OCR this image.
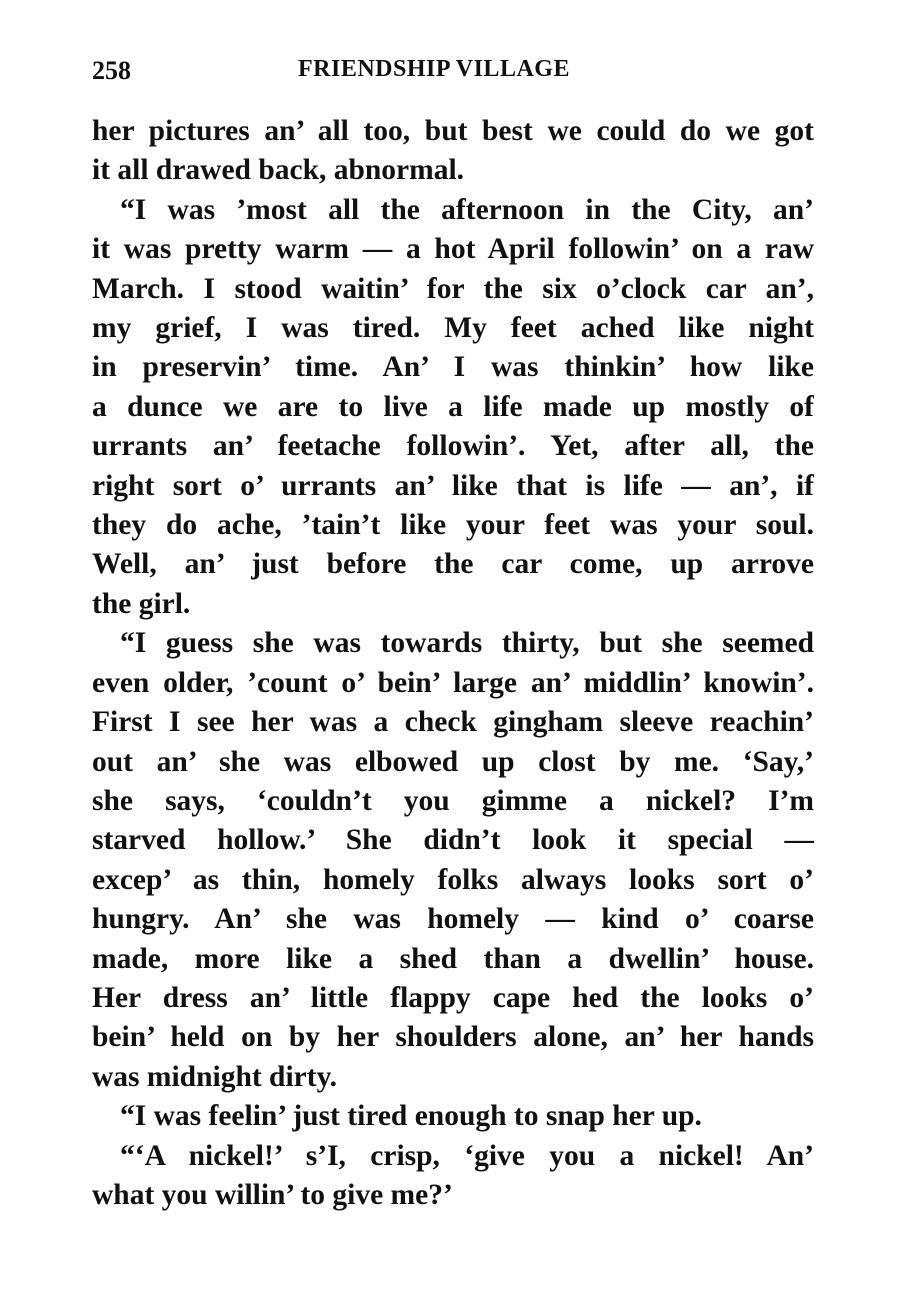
258	FRIENDSHIP VILLAGE
her pictures an’ all too, but best we could do we got
it all drawed back, abnormal.
“I was ’most all the afternoon in the City, an’
it was pretty warm — a hot April followin’ on a raw
March. I stood waitin’ for the six o’clock car an’,
my grief, I was tired. My feet ached like night
in preservin’ time. An’ I was thinkin’ how like
a dunce we are to live a life made up mostly of
urrants an’ feetache followin’. Yet, after all, the
right sort o’ urrants an’ like that is life — an’, if
they do ache, ’tain’t like your feet was your soul.
Well, an’ just before the car come, up arrove
the girl.
“I guess she was towards thirty, but she seemed
even older, ’count o’ bein’ large an’ middlin’ knowin’.
First I see her was a check gingham sleeve reachin’
out an’ she was elbowed up clost by me. ‘Say,’
she says, ‘couldn’t you gimme a nickel? I’m
starved hollow.’ She didn’t look it special —
excep’ as thin, homely folks always looks sort o’
hungry. An’ she was homely — kind o’ coarse
made, more like a shed than a dwellin’ house.
Her dress an’ little flappy cape hed the looks o’
bein’ held on by her shoulders alone, an’ her hands
was midnight dirty.
“I was feelin’ just tired enough to snap her up.
“‘A nickel!’ s’I, crisp, ‘give you a nickel! An’
what you willin’ to give me?’
